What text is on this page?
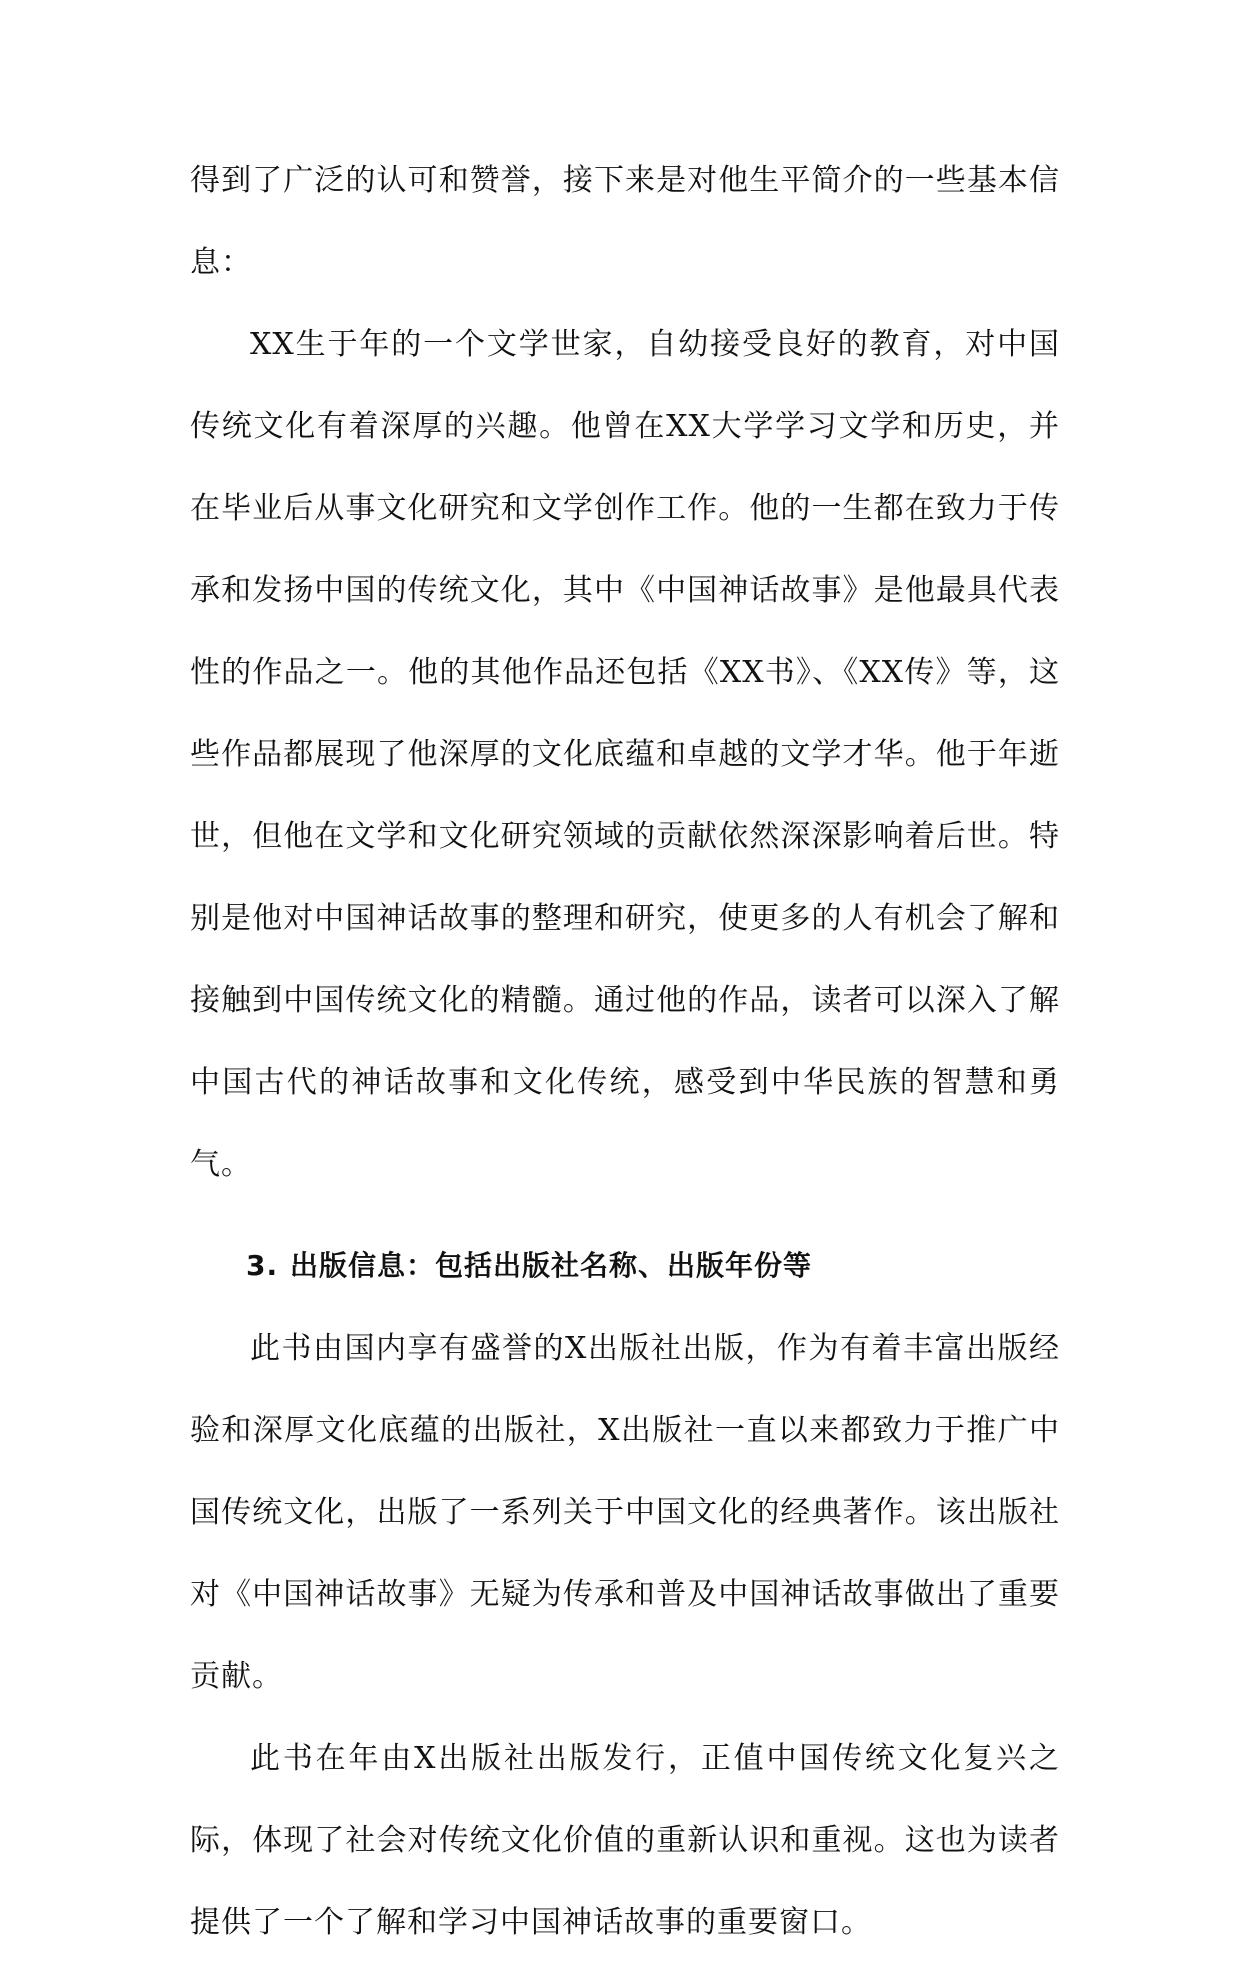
得到了广泛的认可和赞誉，接下来是对他生平简介的一些基本信息：

XX生于年的一个文学世家，自幼接受良好的教育，对中国传统文化有着深厚的兴趣。他曾在XX大学学习文学和历史，并在毕业后从事文化研究和文学创作工作。他的一生都在致力于传承和发扬中国的传统文化，其中《中国神话故事》是他最具代表性的作品之一。他的其他作品还包括《XX书》、《XX传》等，这些作品都展现了他深厚的文化底蕴和卓越的文学才华。他于年逝世，但他在文学和文化研究领域的贡献依然深深影响着后世。特别是他对中国神话故事的整理和研究，使更多的人有机会了解和接触到中国传统文化的精髓。通过他的作品，读者可以深入了解中国古代的神话故事和文化传统，感受到中华民族的智慧和勇气。

3. 出版信息：包括出版社名称、出版年份等

此书由国内享有盛誉的X出版社出版，作为有着丰富出版经验和深厚文化底蕴的出版社，X出版社一直以来都致力于推广中国传统文化，出版了一系列关于中国文化的经典著作。该出版社对《中国神话故事》无疑为传承和普及中国神话故事做出了重要贡献。

此书在年由X出版社出版发行，正值中国传统文化复兴之际，体现了社会对传统文化价值的重新认识和重视。这也为读者提供了一个了解和学习中国神话故事的重要窗口。
